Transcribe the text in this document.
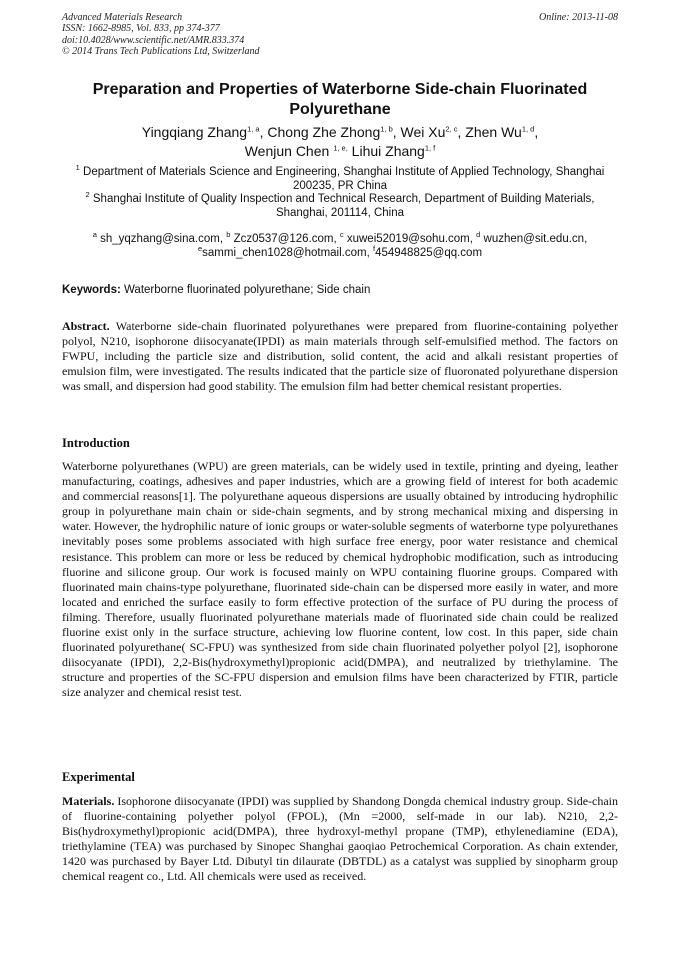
Advanced Materials Research
ISSN: 1662-8985, Vol. 833, pp 374-377
doi:10.4028/www.scientific.net/AMR.833.374
© 2014 Trans Tech Publications Ltd, Switzerland
Online: 2013-11-08
Preparation and Properties of Waterborne Side-chain Fluorinated Polyurethane
Yingqiang Zhang$^{1, a}$, Chong Zhe Zhong$^{1, b}$, Wei Xu$^{2, c}$, Zhen Wu$^{1, d}$,
Wenjun Chen $^{1, e,}$ Lihui Zhang$^{1, f}$
$^1$ Department of Materials Science and Engineering, Shanghai Institute of Applied Technology, Shanghai 200235, PR China
$^2$ Shanghai Institute of Quality Inspection and Technical Research, Department of Building Materials, Shanghai, 201114, China
$^a$ sh_yqzhang@sina.com, $^b$ Zcz0537@126.com, $^c$ xuwei52019@sohu.com, $^d$ wuzhen@sit.edu.cn,
$^e$sammi_chen1028@hotmail.com, $^f$454948825@qq.com
Keywords: Waterborne fluorinated polyurethane; Side chain
Abstract. Waterborne side-chain fluorinated polyurethanes were prepared from fluorine-containing polyether polyol, N210, isophorone diisocyanate(IPDI) as main materials through self-emulsified method. The factors on FWPU, including the particle size and distribution, solid content, the acid and alkali resistant properties of emulsion film, were investigated. The results indicated that the particle size of fluoronated polyurethane dispersion was small, and dispersion had good stability. The emulsion film had better chemical resistant properties.
Introduction
Waterborne polyurethanes (WPU) are green materials, can be widely used in textile, printing and dyeing, leather manufacturing, coatings, adhesives and paper industries, which are a growing field of interest for both academic and commercial reasons[1]. The polyurethane aqueous dispersions are usually obtained by introducing hydrophilic group in polyurethane main chain or side-chain segments, and by strong mechanical mixing and dispersing in water. However, the hydrophilic nature of ionic groups or water-soluble segments of waterborne type polyurethanes inevitably poses some problems associated with high surface free energy, poor water resistance and chemical resistance. This problem can more or less be reduced by chemical hydrophobic modification, such as introducing fluorine and silicone group. Our work is focused mainly on WPU containing fluorine groups. Compared with fluorinated main chains-type polyurethane, fluorinated side-chain can be dispersed more easily in water, and more located and enriched the surface easily to form effective protection of the surface of PU during the process of filming. Therefore, usually fluorinated polyurethane materials made of fluorinated side chain could be realized fluorine exist only in the surface structure, achieving low fluorine content, low cost. In this paper, side chain fluorinated polyurethane( SC-FPU) was synthesized from side chain fluorinated polyether polyol [2], isophorone diisocyanate (IPDI), 2,2-Bis(hydroxymethyl)propionic acid(DMPA), and neutralized by triethylamine. The structure and properties of the SC-FPU dispersion and emulsion films have been characterized by FTIR, particle size analyzer and chemical resist test.
Experimental
Materials. Isophorone diisocyanate (IPDI) was supplied by Shandong Dongda chemical industry group. Side-chain of fluorine-containing polyether polyol (FPOL), (Mn =2000, self-made in our lab). N210, 2,2-Bis(hydroxymethyl)propionic acid(DMPA), three hydroxyl-methyl propane (TMP), ethylenediamine (EDA), triethylamine (TEA) was purchased by Sinopec Shanghai gaoqiao Petrochemical Corporation. As chain extender, 1420 was purchased by Bayer Ltd. Dibutyl tin dilaurate (DBTDL) as a catalyst was supplied by sinopharm group chemical reagent co., Ltd. All chemicals were used as received.
